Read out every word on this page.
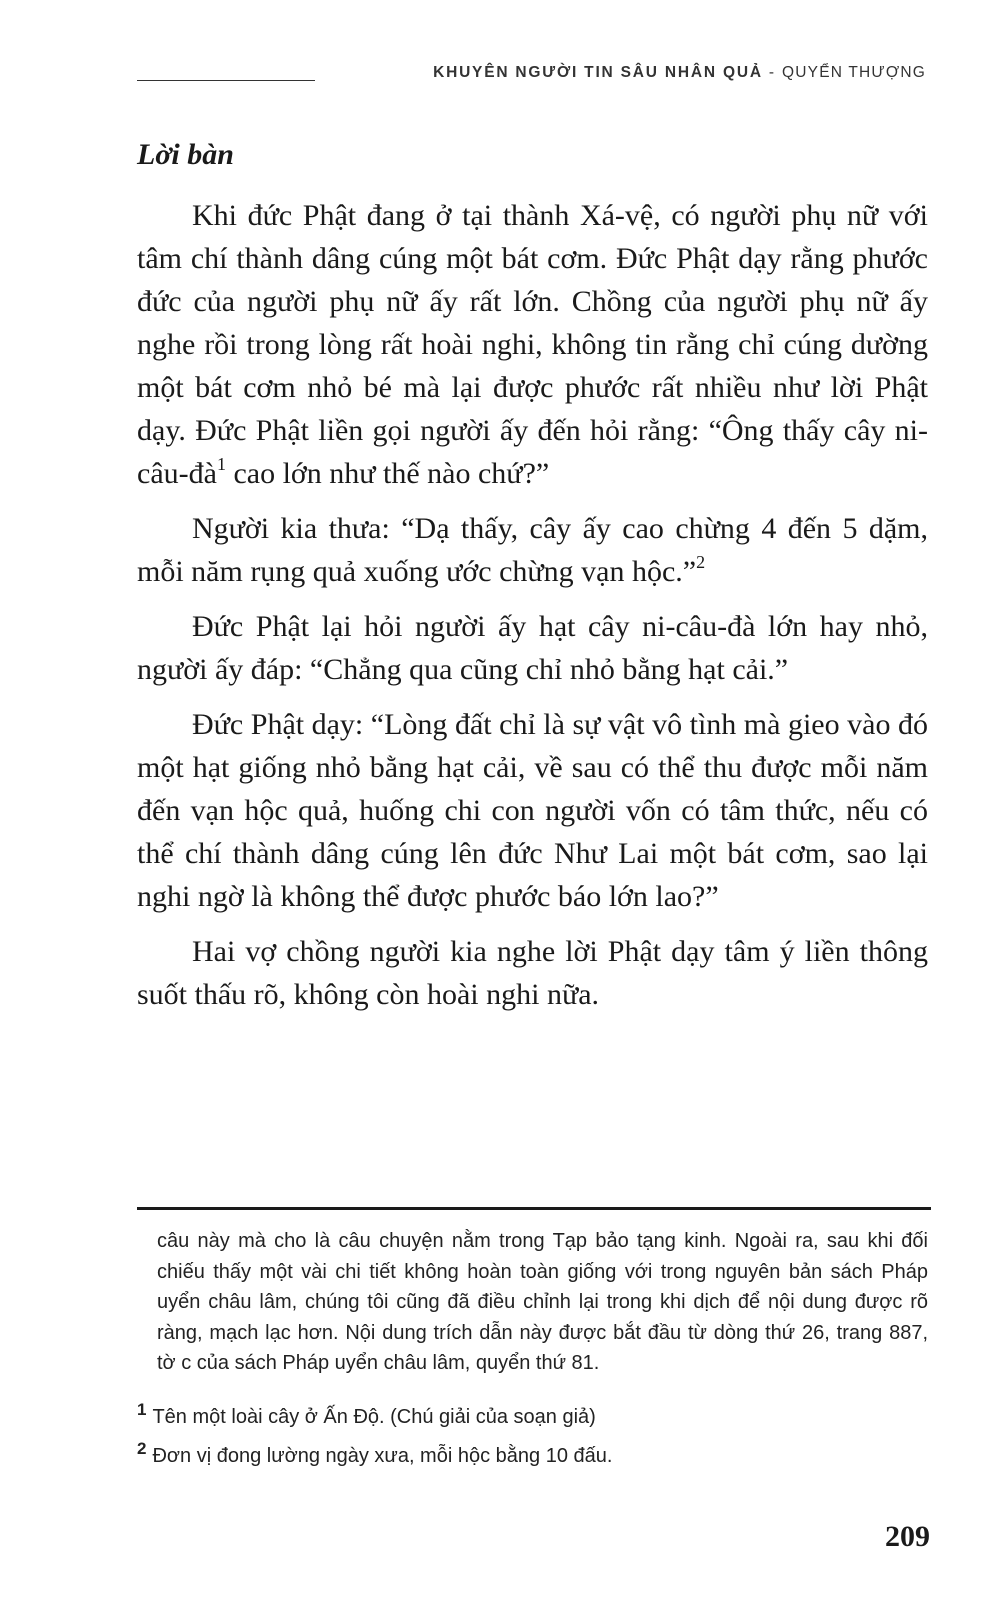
KHUYÊN NGƯỜI TIN SÂU NHÂN QUẢ - QUYỂN THƯỢNG
Lời bàn

Khi đức Phật đang ở tại thành Xá-vệ, có người phụ nữ với tâm chí thành dâng cúng một bát cơm. Đức Phật dạy rằng phước đức của người phụ nữ ấy rất lớn. Chồng của người phụ nữ ấy nghe rồi trong lòng rất hoài nghi, không tin rằng chỉ cúng dường một bát cơm nhỏ bé mà lại được phước rất nhiều như lời Phật dạy. Đức Phật liền gọi người ấy đến hỏi rằng: “Ông thấy cây $ni-câu-đà^1$ cao lớn như thế nào chứ?”

Người kia thưa: “Dạ thấy, cây ấy cao chừng 4 đến 5 dặm, mỗi năm rụng quả xuống ước chừng vạn hộc.”$^2$

Đức Phật lại hỏi người ấy hạt cây ni-câu-đà lớn hay nhỏ, người ấy đáp: “Chẳng qua cũng chỉ nhỏ bằng hạt cải.”

Đức Phật dạy: “Lòng đất chỉ là sự vật vô tình mà gieo vào đó một hạt giống nhỏ bằng hạt cải, về sau có thể thu được mỗi năm đến vạn hộc quả, huống chi con người vốn có tâm thức, nếu có thể chí thành dâng cúng lên đức Như Lai một bát cơm, sao lại nghi ngờ là không thể được phước báo lớn lao?”

Hai vợ chồng người kia nghe lời Phật dạy tâm ý liền thông suốt thấu rõ, không còn hoài nghi nữa.

câu này mà cho là câu chuyện nằm trong Tạp bảo tạng kinh. Ngoài ra, sau khi đối chiếu thấy một vài chi tiết không hoàn toàn giống với trong nguyên bản sách Pháp uyển châu lâm, chúng tôi cũng đã điều chỉnh lại trong khi dịch để nội dung được rõ ràng, mạch lạc hơn. Nội dung trích dẫn này được bắt đầu từ dòng thứ 26, trang 887, tờ c của sách Pháp uyển châu lâm, quyển thứ 81.

$^1$ Tên một loài cây ở Ấn Độ. (Chú giải của soạn giả)

$^2$ Đơn vị đong lường ngày xưa, mỗi hộc bằng 10 đấu.

209
